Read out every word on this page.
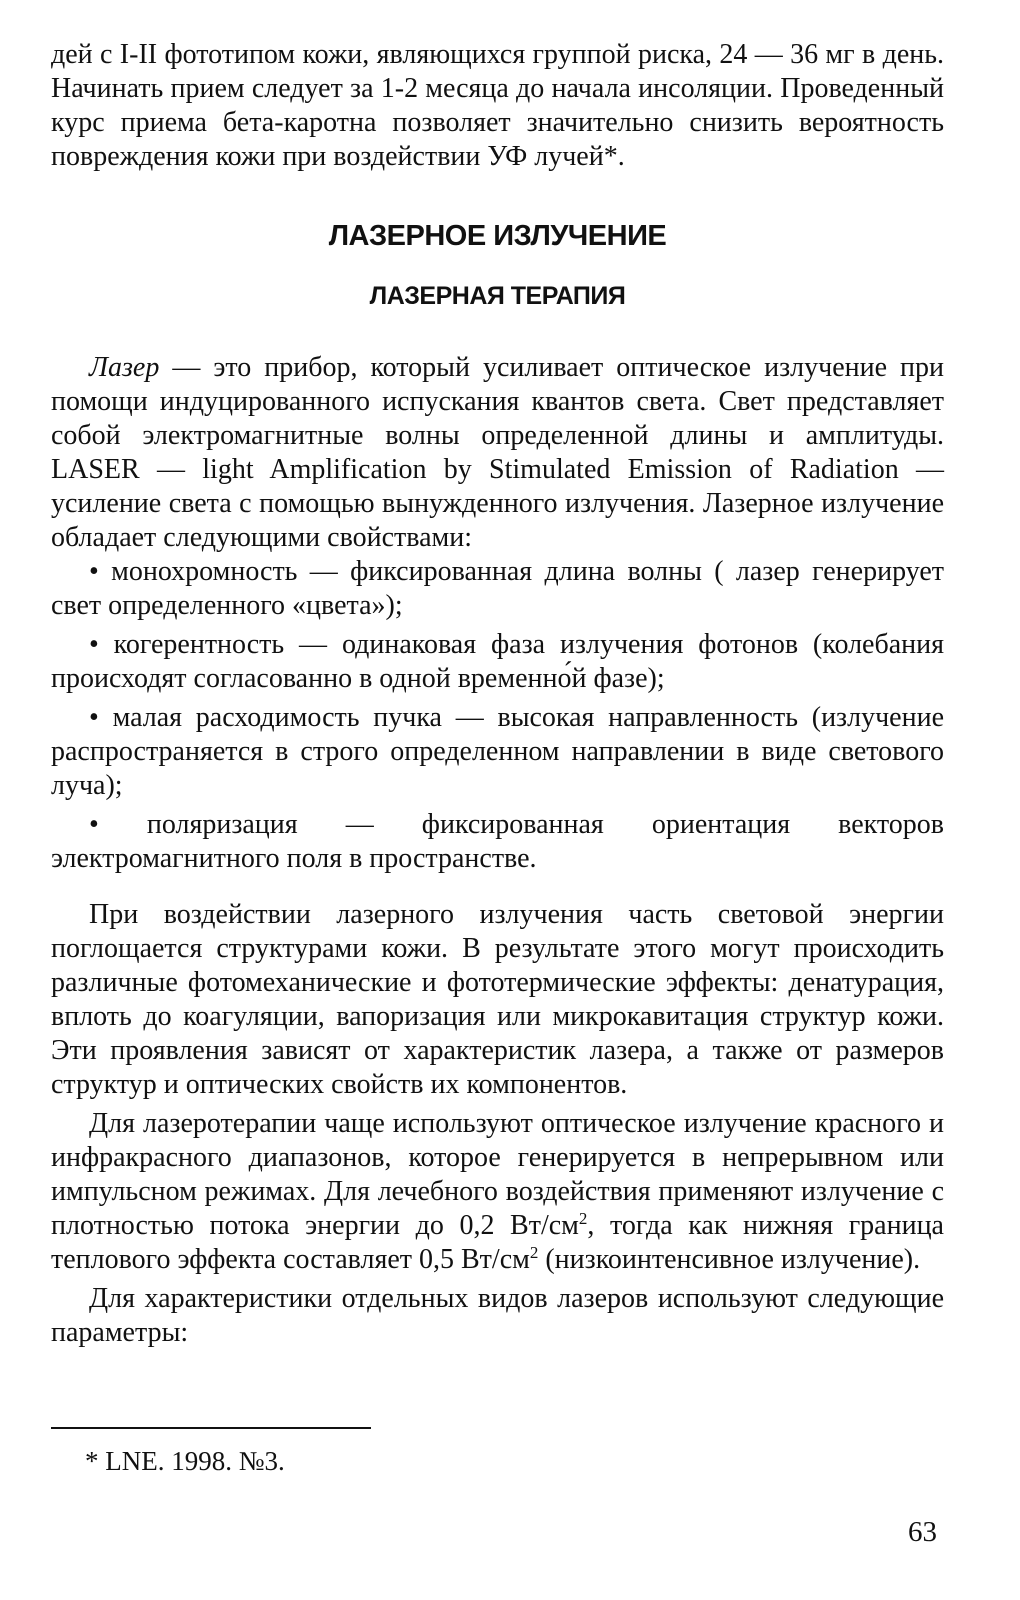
дей с I-II фототипом кожи, являющихся группой риска, 24 — 36 мг в день. Начинать прием следует за 1-2 месяца до начала инсоляции. Проведенный курс приема бета-каротна позволяет значительно снизить вероятность повреждения кожи при воздействии УФ лучей*.

ЛАЗЕРНОЕ ИЗЛУЧЕНИЕ

ЛАЗЕРНАЯ ТЕРАПИЯ

Лазер — это прибор, который усиливает оптическое излучение при помощи индуцированного испускания квантов света. Свет представляет собой электромагнитные волны определенной длины и амплитуды. LASER — light Amplification by Stimulated Emission of Radiation — усиление света с помощью вынужденного излучения. Лазерное излучение обладает следующими свойствами:

• монохромность — фиксированная длина волны ( лазер генерирует свет определенного «цвета»);

• когерентность — одинаковая фаза излучения фотонов (колебания происходят согласованно в одной временно́й фазе);

• малая расходимость пучка — высокая направленность (излучение распространяется в строго определенном направлении в виде светового луча);

• поляризация — фиксированная ориентация векторов электромагнитного поля в пространстве.

При воздействии лазерного излучения часть световой энергии поглощается структурами кожи. В результате этого могут происходить различные фотомеханические и фототермические эффекты: денатурация, вплоть до коагуляции, вапоризация или микрокавитация структур кожи. Эти проявления зависят от характеристик лазера, а также от размеров структур и оптических свойств их компонентов.

Для лазеротерапии чаще используют оптическое излучение красного и инфракрасного диапазонов, которое генерируется в непрерывном или импульсном режимах. Для лечебного воздействия применяют излучение с плотностью потока энергии до 0,2 $Вт/см^2$, тогда как нижняя граница теплового эффекта составляет 0,5 $Вт/см^2$ (низкоинтенсивное излучение).

Для характеристики отдельных видов лазеров используют следующие параметры:

* LNE. 1998. №3.
63
